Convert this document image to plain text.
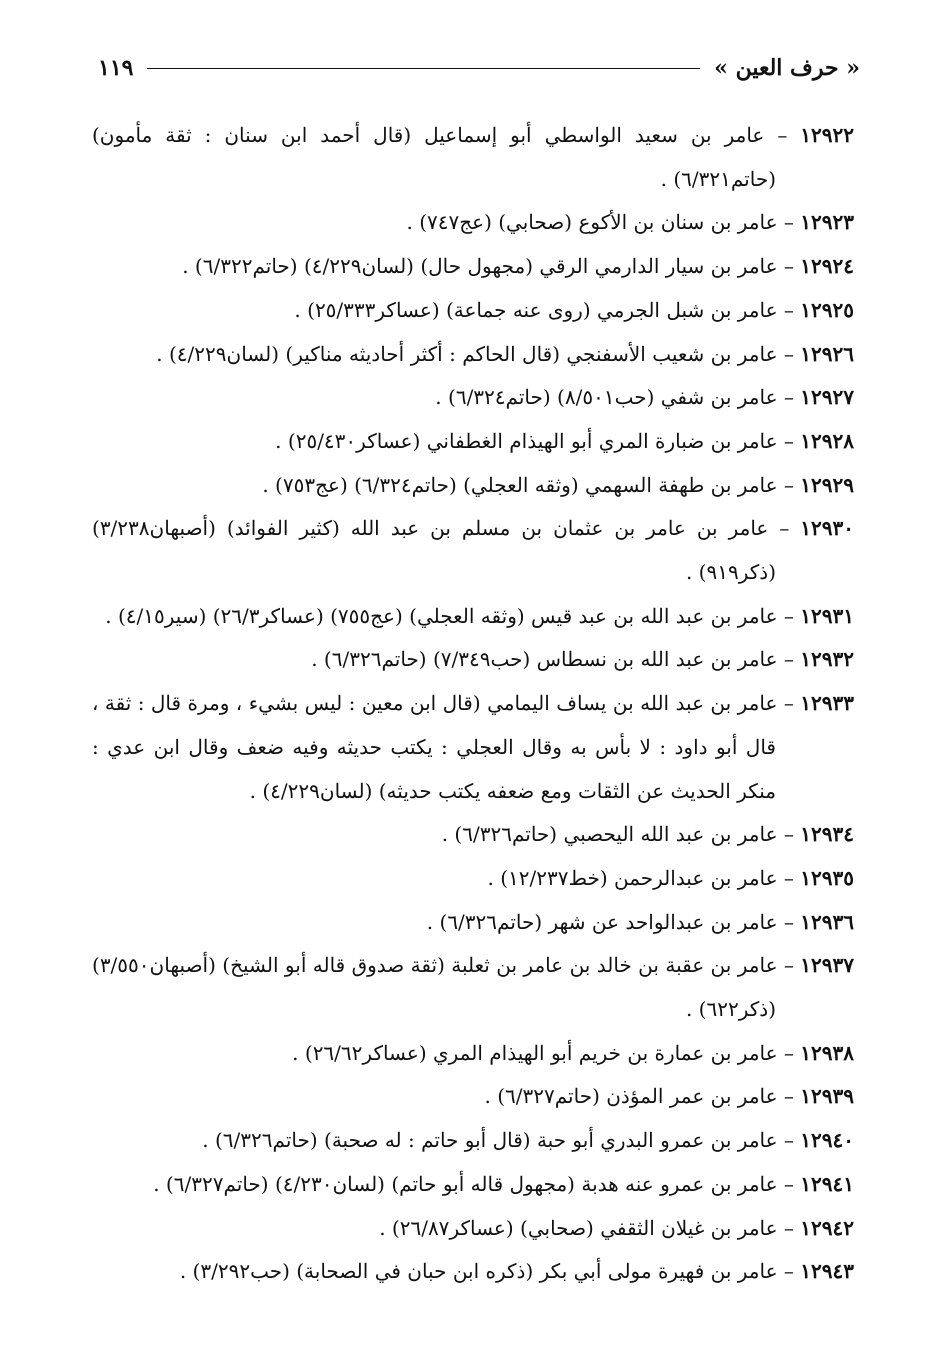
« حرف العين »
١١٩

١٢٩٢٢ – عامر بن سعيد الواسطي أبو إسماعيل (قال أحمد ابن سنان : ثقة مأمون) (حاتم٦/٣٢١) .

١٢٩٢٣ – عامر بن سنان بن الأكوع (صحابي) (عج٧٤٧) .

١٢٩٢٤ – عامر بن سيار الدارمي الرقي (مجهول حال) (لسان٤/٢٢٩) (حاتم٦/٣٢٢) .

١٢٩٢٥ – عامر بن شبل الجرمي (روى عنه جماعة) (عساكر٢٥/٣٣٣) .

١٢٩٢٦ – عامر بن شعيب الأسفنجي (قال الحاكم : أكثر أحاديثه مناكير) (لسان٤/٢٢٩) .

١٢٩٢٧ – عامر بن شفي (حب٨/٥٠١) (حاتم٦/٣٢٤) .

١٢٩٢٨ – عامر بن ضبارة المري أبو الهيذام الغطفاني (عساكر٢٥/٤٣٠) .

١٢٩٢٩ – عامر بن طهفة السهمي (وثقه العجلي) (حاتم٦/٣٢٤) (عج٧٥٣) .

١٢٩٣٠ – عامر بن عامر بن عثمان بن مسلم بن عبد الله (كثير الفوائد) (أصبهان٣/٢٣٨) (ذكر٩١٩) .

١٢٩٣١ – عامر بن عبد الله بن عبد قيس (وثقه العجلي) (عج٧٥٥) (عساكر٢٦/٣) (سير٤/١٥) .

١٢٩٣٢ – عامر بن عبد الله بن نسطاس (حب٧/٣٤٩) (حاتم٦/٣٢٦) .

١٢٩٣٣ – عامر بن عبد الله بن يساف اليمامي (قال ابن معين : ليس بشيء ، ومرة قال : ثقة ، قال أبو داود : لا بأس به وقال العجلي : يكتب حديثه وفيه ضعف وقال ابن عدي : منكر الحديث عن الثقات ومع ضعفه يكتب حديثه) (لسان٤/٢٢٩) .

١٢٩٣٤ – عامر بن عبد الله اليحصبي (حاتم٦/٣٢٦) .

١٢٩٣٥ – عامر بن عبدالرحمن (خط١٢/٢٣٧) .

١٢٩٣٦ – عامر بن عبدالواحد عن شهر (حاتم٦/٣٢٦) .

١٢٩٣٧ – عامر بن عقبة بن خالد بن عامر بن ثعلبة (ثقة صدوق قاله أبو الشيخ) (أصبهان٣/٥٥٠) (ذكر٦٢٢) .

١٢٩٣٨ – عامر بن عمارة بن خريم أبو الهيذام المري (عساكر٢٦/٦٢) .

١٢٩٣٩ – عامر بن عمر المؤذن (حاتم٦/٣٢٧) .

١٢٩٤٠ – عامر بن عمرو البدري أبو حبة (قال أبو حاتم : له صحبة) (حاتم٦/٣٢٦) .

١٢٩٤١ – عامر بن عمرو عنه هدبة (مجهول قاله أبو حاتم) (لسان٤/٢٣٠) (حاتم٦/٣٢٧) .

١٢٩٤٢ – عامر بن غيلان الثقفي (صحابي) (عساكر٢٦/٨٧) .

١٢٩٤٣ – عامر بن فهيرة مولى أبي بكر (ذكره ابن حبان في الصحابة) (حب٣/٢٩٢) .
